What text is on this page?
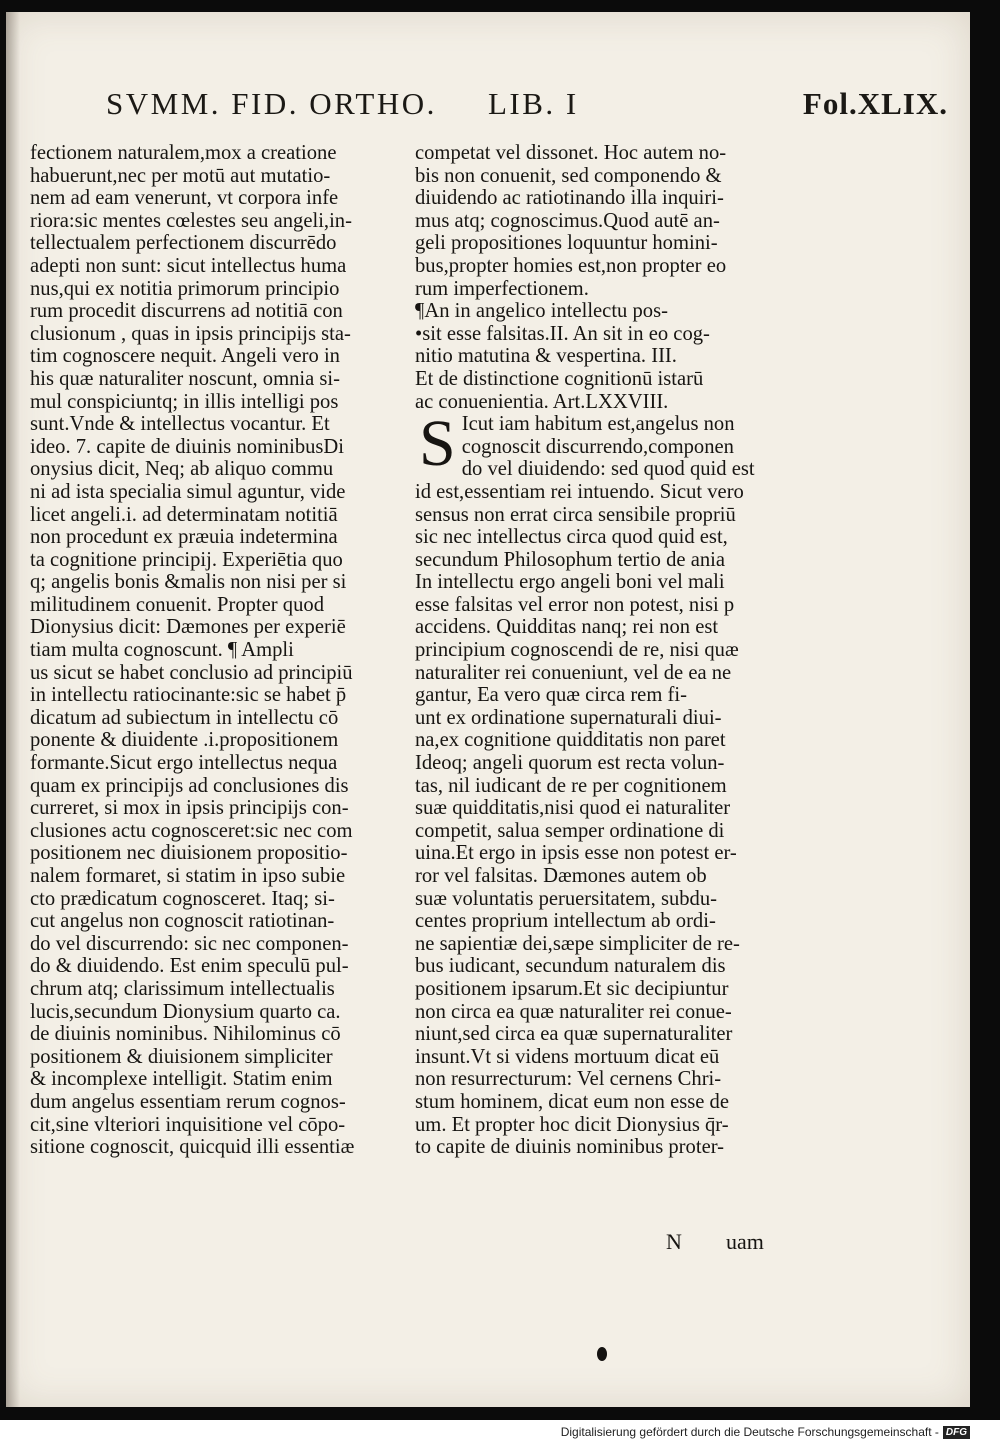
SVMM. FID. ORTHO. LIB. I	Fol.XLIX.
fectionem naturalem,mox a creatione
habuerunt,nec per motū aut mutatio-
nem ad eam venerunt, vt corpora infe
riora:sic mentes cœlestes seu angeli,in-
tellectualem perfectionem discurrēdo
adepti non sunt: sicut intellectus huma
nus,qui ex notitia primorum principio
rum procedit discurrens ad notitiā con
clusionum , quas in ipsis principijs sta-
tim cognoscere nequit. Angeli vero in
his quæ naturaliter noscunt, omnia si-
mul conspiciuntq; in illis intelligi pos
sunt.Vnde & intellectus vocantur. Et
ideo. 7. capite de diuinis nominibusDi
onysius dicit, Neq; ab aliquo commu
ni ad ista specialia simul aguntur, vide
licet angeli.i. ad determinatam notitiā
non procedunt ex præuia indetermina
ta cognitione principij. Experiētia quo
q; angelis bonis &malis non nisi per si
militudinem conuenit. Propter quod
Dionysius dicit: Dæmones per experiē
tiam multa cognoscunt. ¶ Ampli
us sicut se habet conclusio ad principiū
in intellectu ratiocinante:sic se habet p̄
dicatum ad subiectum in intellectu cō
ponente & diuidente .i.propositionem
formante.Sicut ergo intellectus nequa
quam ex principijs ad conclusiones dis
curreret, si mox in ipsis principijs con-
clusiones actu cognosceret:sic nec com
positionem nec diuisionem propositio-
nalem formaret, si statim in ipso subie
cto prædicatum cognosceret. Itaq; si-
cut angelus non cognoscit ratiotinan-
do vel discurrendo: sic nec componen-
do & diuidendo. Est enim speculū pul-
chrum atq; clarissimum intellectualis
lucis,secundum Dionysium quarto ca.
de diuinis nominibus. Nihilominus cō
positionem & diuisionem simpliciter
& incomplexe intelligit. Statim enim
dum angelus essentiam rerum cognos-
cit,sine vlteriori inquisitione vel cōpo-
sitione cognoscit, quicquid illi essentiæ
competat vel dissonet. Hoc autem no-
bis non conuenit, sed componendo &
diuidendo ac ratiotinando illa inquiri-
mus atq; cognoscimus.Quod autē an-
geli propositiones loquuntur homini-
bus,propter homies est,non propter eo
rum imperfectionem.
¶An in angelico intellectu pos-
•sit esse falsitas.II. An sit in eo cog-
nitio matutina & vespertina. III.
Et de distinctione cognitionū istarū
ac conuenientia. Art.LXXVIII.
S Icut iam habitum est,angelus non
cognoscit discurrendo,componen
do vel diuidendo: sed quod quid est
id est,essentiam rei intuendo. Sicut vero
sensus non errat circa sensibile propriū
sic nec intellectus circa quod quid est,
secundum Philosophum tertio de ania
In intellectu ergo angeli boni vel mali
esse falsitas vel error non potest, nisi p
accidens. Quidditas nanq; rei non est
principium cognoscendi de re, nisi quæ
naturaliter rei conueniunt, vel de ea ne
gantur, Ea vero quæ circa rem fi-
unt ex ordinatione supernaturali diui-
na,ex cognitione quidditatis non paret
Ideoq; angeli quorum est recta volun-
tas, nil iudicant de re per cognitionem
suæ quidditatis,nisi quod ei naturaliter
competit, salua semper ordinatione di
uina.Et ergo in ipsis esse non potest er-
ror vel falsitas. Dæmones autem ob
suæ voluntatis peruersitatem, subdu-
centes proprium intellectum ab ordi-
ne sapientiæ dei,sæpe simpliciter de re-
bus iudicant, secundum naturalem dis
positionem ipsarum.Et sic decipiuntur
non circa ea quæ naturaliter rei conue-
niunt,sed circa ea quæ supernaturaliter
insunt.Vt si videns mortuum dicat eū
non resurrecturum: Vel cernens Chri-
stum hominem, dicat eum non esse de
um. Et propter hoc dicit Dionysius q̄r-
to capite de diuinis nominibus proter-
N uam
Digitalisierung gefördert durch die Deutsche Forschungsgemeinschaft - DFG
